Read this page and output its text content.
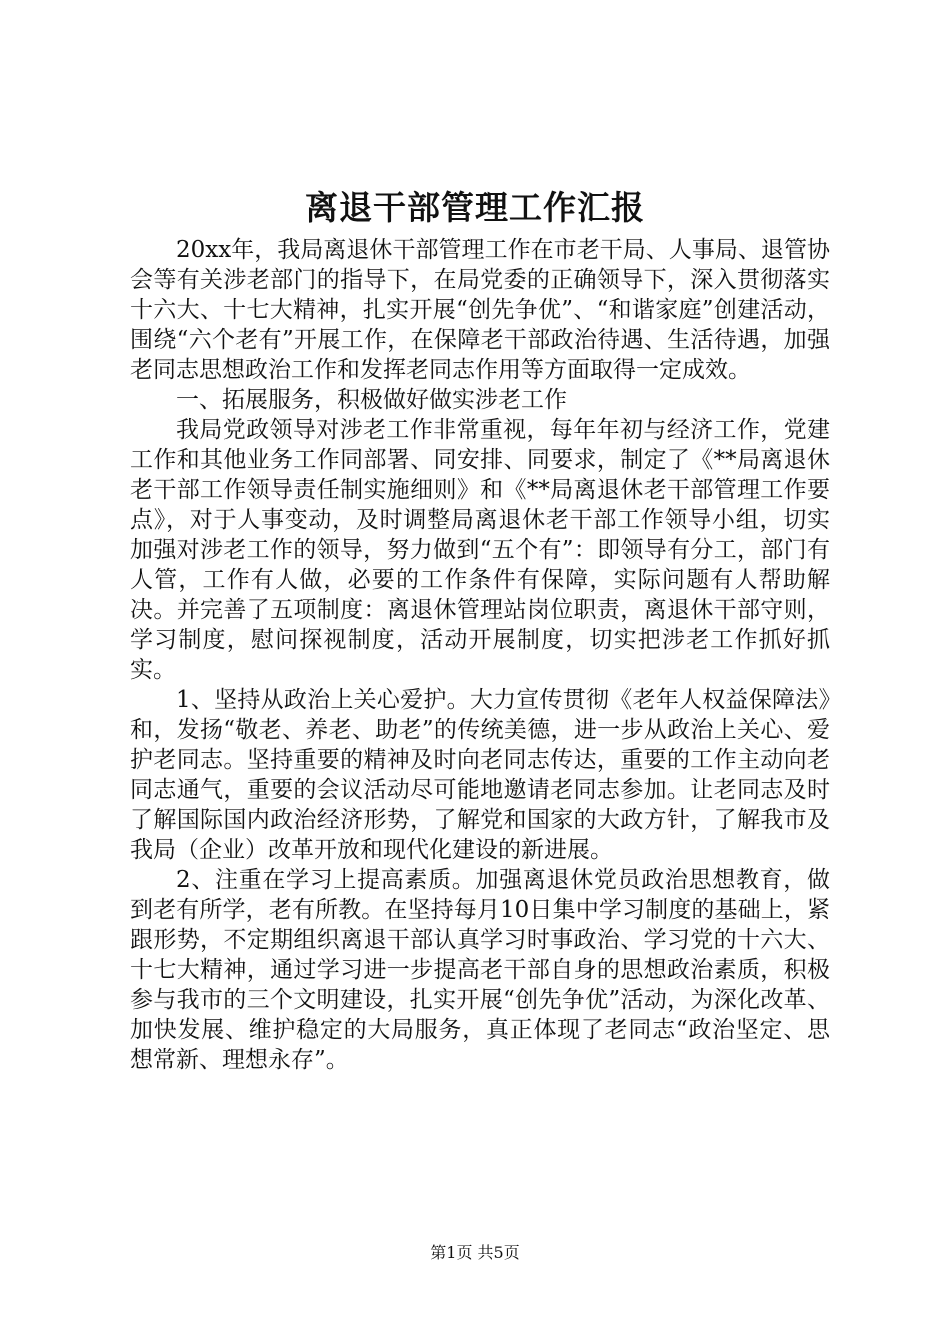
离退干部管理工作汇报

20xx年，我局离退休干部管理工作在市老干局、人事局、退管协会等有关涉老部门的指导下，在局党委的正确领导下，深入贯彻落实十六大、十七大精神，扎实开展“创先争优”、“和谐家庭”创建活动，围绕“六个老有”开展工作，在保障老干部政治待遇、生活待遇，加强老同志思想政治工作和发挥老同志作用等方面取得一定成效。

一、拓展服务，积极做好做实涉老工作

我局党政领导对涉老工作非常重视，每年年初与经济工作，党建工作和其他业务工作同部署、同安排、同要求，制定了《**局离退休老干部工作领导责任制实施细则》和《**局离退休老干部管理工作要点》，对于人事变动，及时调整局离退休老干部工作领导小组，切实加强对涉老工作的领导，努力做到“五个有”：即领导有分工，部门有人管，工作有人做，必要的工作条件有保障，实际问题有人帮助解决。并完善了五项制度：离退休管理站岗位职责，离退休干部守则，学习制度，慰问探视制度，活动开展制度，切实把涉老工作抓好抓实。

1、坚持从政治上关心爱护。大力宣传贯彻《老年人权益保障法》和，发扬“敬老、养老、助老”的传统美德，进一步从政治上关心、爱护老同志。坚持重要的精神及时向老同志传达，重要的工作主动向老同志通气，重要的会议活动尽可能地邀请老同志参加。让老同志及时了解国际国内政治经济形势，了解党和国家的大政方针，了解我市及我局（企业）改革开放和现代化建设的新进展。

2、注重在学习上提高素质。加强离退休党员政治思想教育，做到老有所学，老有所教。在坚持每月10日集中学习制度的基础上，紧跟形势，不定期组织离退干部认真学习时事政治、学习党的十六大、十七大精神，通过学习进一步提高老干部自身的思想政治素质，积极参与我市的三个文明建设，扎实开展“创先争优”活动，为深化改革、加快发展、维护稳定的大局服务，真正体现了老同志“政治坚定、思想常新、理想永存”。

第1页 共5页
